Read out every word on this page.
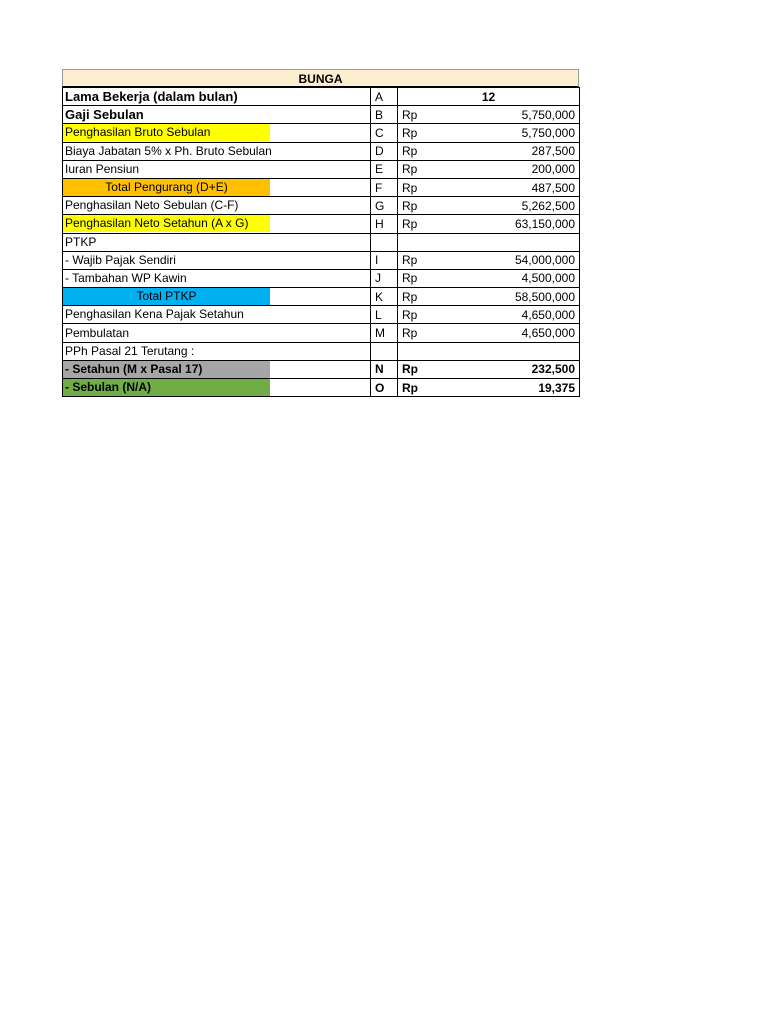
BUNGA
Lama Bekerja (dalam bulan)	A	12	
Gaji Sebulan	B	Rp	5,750,000
Penghasilan Bruto Sebulan	C	Rp	5,750,000
Biaya Jabatan 5% x Ph. Bruto Sebulan	D	Rp	287,500
Iuran Pensiun	E	Rp	200,000
Total Pengurang (D+E)	F	Rp	487,500
Penghasilan Neto Sebulan (C-F)	G	Rp	5,262,500
Penghasilan Neto Setahun (A x G)	H	Rp	63,150,000
PTKP			
- Wajib Pajak Sendiri	I	Rp	54,000,000
- Tambahan WP Kawin	J	Rp	4,500,000
Total PTKP	K	Rp	58,500,000
Penghasilan Kena Pajak Setahun	L	Rp	4,650,000
Pembulatan	M	Rp	4,650,000
PPh Pasal 21 Terutang :			
- Setahun (M x Pasal 17)	N	Rp	232,500
- Sebulan (N/A)	O	Rp	19,375
